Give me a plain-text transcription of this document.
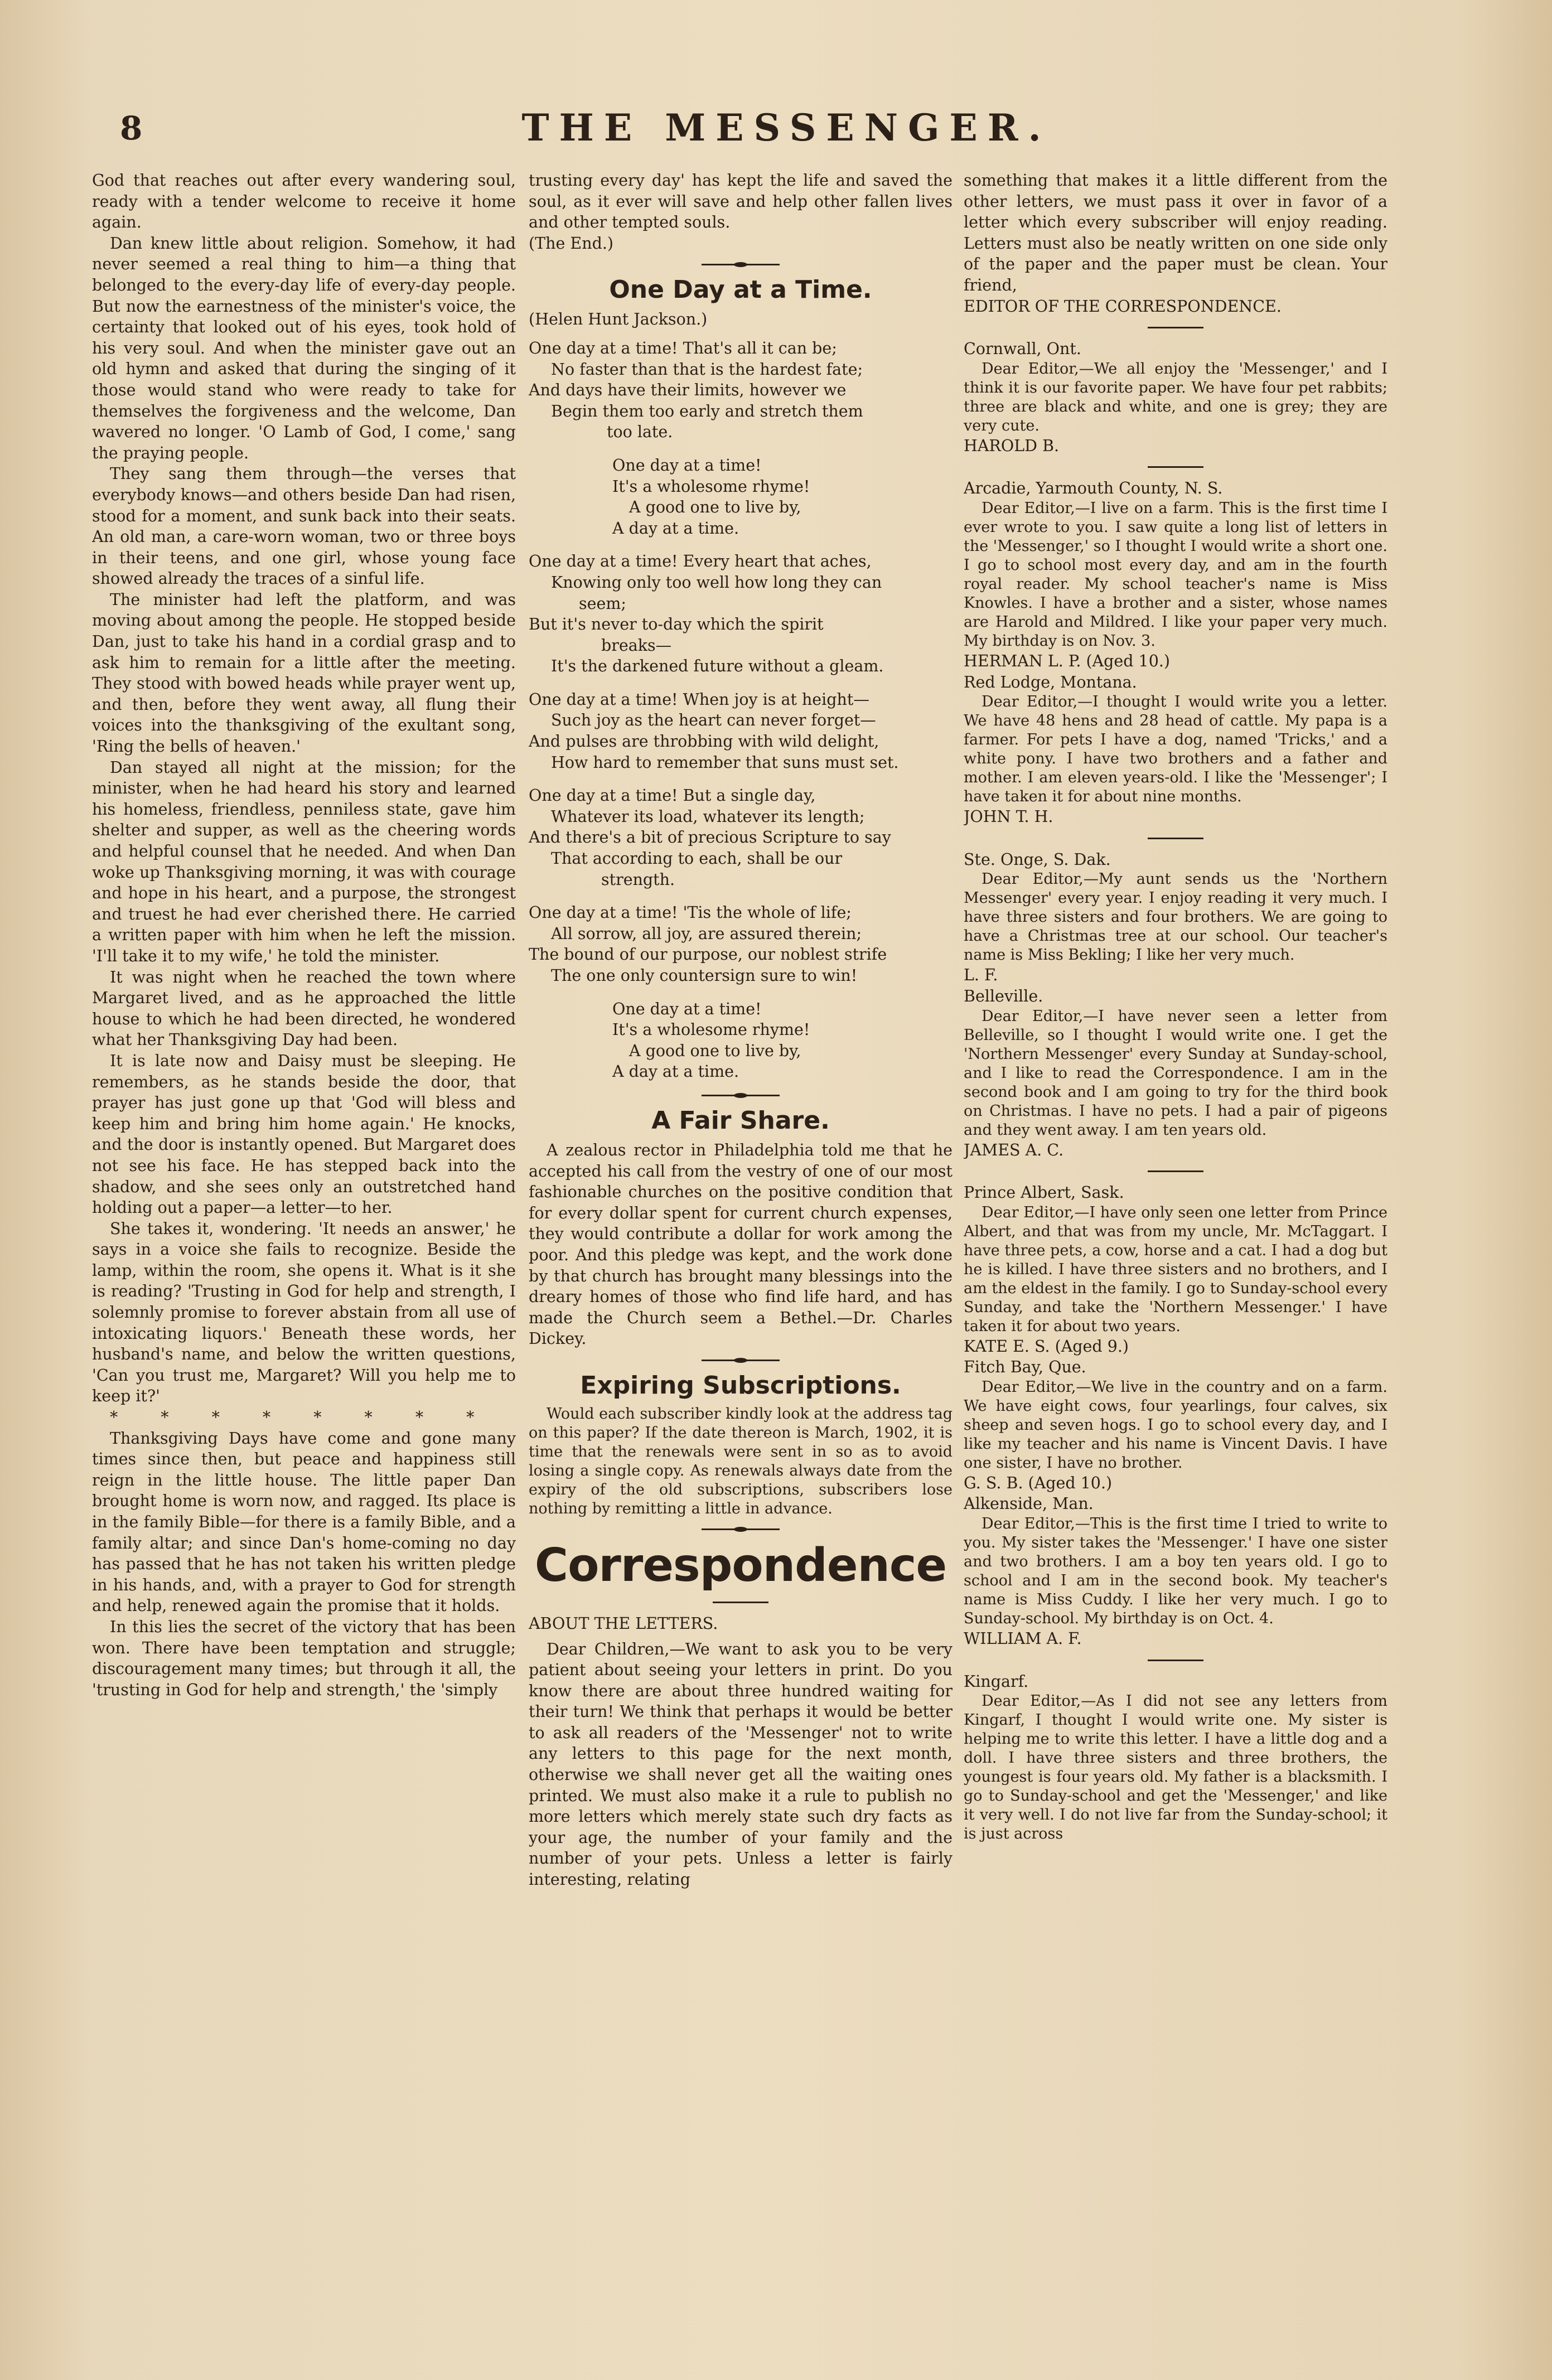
8	THE MESSENGER.

God that reaches out after every wandering soul, ready with a tender welcome to receive it home again.

Dan knew little about religion. Somehow, it had never seemed a real thing to him—a thing that belonged to the every-day life of every-day people. But now the earnestness of the minister's voice, the certainty that looked out of his eyes, took hold of his very soul. And when the minister gave out an old hymn and asked that during the singing of it those would stand who were ready to take for themselves the forgiveness and the welcome, Dan wavered no longer. 'O Lamb of God, I come,' sang the praying people.

They sang them through—the verses that everybody knows—and others beside Dan had risen, stood for a moment, and sunk back into their seats. An old man, a care-worn woman, two or three boys in their teens, and one girl, whose young face showed already the traces of a sinful life.

The minister had left the platform, and was moving about among the people. He stopped beside Dan, just to take his hand in a cordial grasp and to ask him to remain for a little after the meeting. They stood with bowed heads while prayer went up, and then, before they went away, all flung their voices into the thanksgiving of the exultant song, 'Ring the bells of heaven.'

Dan stayed all night at the mission; for the minister, when he had heard his story and learned his homeless, friendless, penniless state, gave him shelter and supper, as well as the cheering words and helpful counsel that he needed. And when Dan woke up Thanksgiving morning, it was with courage and hope in his heart, and a purpose, the strongest and truest he had ever cherished there. He carried a written paper with him when he left the mission. 'I'll take it to my wife,' he told the minister.

It was night when he reached the town where Margaret lived, and as he approached the little house to which he had been directed, he wondered what her Thanksgiving Day had been.

It is late now and Daisy must be sleeping. He remembers, as he stands beside the door, that prayer has just gone up that 'God will bless and keep him and bring him home again.' He knocks, and the door is instantly opened. But Margaret does not see his face. He has stepped back into the shadow, and she sees only an outstretched hand holding out a paper—a letter—to her.

She takes it, wondering. 'It needs an answer,' he says in a voice she fails to recognize. Beside the lamp, within the room, she opens it. What is it she is reading? 'Trusting in God for help and strength, I solemnly promise to forever abstain from all use of intoxicating liquors.' Beneath these words, her husband's name, and below the written questions, 'Can you trust me, Margaret? Will you help me to keep it?'

* * * * * * * *

Thanksgiving Days have come and gone many times since then, but peace and happiness still reign in the little house. The little paper Dan brought home is worn now, and ragged. Its place is in the family Bible—for there is a family Bible, and a family altar; and since Dan's home-coming no day has passed that he has not taken his written pledge in his hands, and, with a prayer to God for strength and help, renewed again the promise that it holds.

In this lies the secret of the victory that has been won. There have been temptation and struggle; discouragement many times; but through it all, the 'trusting in God for help and strength,' the 'simply

trusting every day' has kept the life and saved the soul, as it ever will save and help other fallen lives and other tempted souls.

(The End.)

One Day at a Time.

(Helen Hunt Jackson.)

One day at a time! That's all it can be;
No faster than that is the hardest fate;
And days have their limits, however we
Begin them too early and stretch them
too late.
One day at a time!
It's a wholesome rhyme!
A good one to live by,
A day at a time.
One day at a time! Every heart that aches,
Knowing only too well how long they can
seem;
But it's never to-day which the spirit
breaks—
It's the darkened future without a gleam.
One day at a time! When joy is at height—
Such joy as the heart can never forget—
And pulses are throbbing with wild delight,
How hard to remember that suns must set.
One day at a time! But a single day,
Whatever its load, whatever its length;
And there's a bit of precious Scripture to say
That according to each, shall be our
strength.
One day at a time! 'Tis the whole of life;
All sorrow, all joy, are assured therein;
The bound of our purpose, our noblest strife
The one only countersign sure to win!
One day at a time!
It's a wholesome rhyme!
A good one to live by,
A day at a time.
A Fair Share.

A zealous rector in Philadelphia told me that he accepted his call from the vestry of one of our most fashionable churches on the positive condition that for every dollar spent for current church expenses, they would contribute a dollar for work among the poor. And this pledge was kept, and the work done by that church has brought many blessings into the dreary homes of those who find life hard, and has made the Church seem a Bethel.—Dr. Charles Dickey.

Expiring Subscriptions.

Would each subscriber kindly look at the address tag on this paper? If the date thereon is March, 1902, it is time that the renewals were sent in so as to avoid losing a single copy. As renewals always date from the expiry of the old subscriptions, subscribers lose nothing by remitting a little in advance.

Correspondence

ABOUT THE LETTERS.

Dear Children,—We want to ask you to be very patient about seeing your letters in print. Do you know there are about three hundred waiting for their turn! We think that perhaps it would be better to ask all readers of the 'Messenger' not to write any letters to this page for the next month, otherwise we shall never get all the waiting ones printed. We must also make it a rule to publish no more letters which merely state such dry facts as your age, the number of your family and the number of your pets. Unless a letter is fairly interesting, relating

something that makes it a little different from the other letters, we must pass it over in favor of a letter which every subscriber will enjoy reading. Letters must also be neatly written on one side only of the paper and the paper must be clean. Your friend,

EDITOR OF THE CORRESPONDENCE.

Cornwall, Ont.

Dear Editor,—We all enjoy the 'Messenger,' and I think it is our favorite paper. We have four pet rabbits; three are black and white, and one is grey; they are very cute.

HAROLD B.

Arcadie, Yarmouth County, N. S.

Dear Editor,—I live on a farm. This is the first time I ever wrote to you. I saw quite a long list of letters in the 'Messenger,' so I thought I would write a short one. I go to school most every day, and am in the fourth royal reader. My school teacher's name is Miss Knowles. I have a brother and a sister, whose names are Harold and Mildred. I like your paper very much. My birthday is on Nov. 3.

HERMAN L. P. (Aged 10.)

Red Lodge, Montana.

Dear Editor,—I thought I would write you a letter. We have 48 hens and 28 head of cattle. My papa is a farmer. For pets I have a dog, named 'Tricks,' and a white pony. I have two brothers and a father and mother. I am eleven years-old. I like the 'Messenger'; I have taken it for about nine months.

JOHN T. H.

Ste. Onge, S. Dak.

Dear Editor,—My aunt sends us the 'Northern Messenger' every year. I enjoy reading it very much. I have three sisters and four brothers. We are going to have a Christmas tree at our school. Our teacher's name is Miss Bekling; I like her very much.

L. F.

Belleville.

Dear Editor,—I have never seen a letter from Belleville, so I thought I would write one. I get the 'Northern Messenger' every Sunday at Sunday-school, and I like to read the Correspondence. I am in the second book and I am going to try for the third book on Christmas. I have no pets. I had a pair of pigeons and they went away. I am ten years old.

JAMES A. C.

Prince Albert, Sask.

Dear Editor,—I have only seen one letter from Prince Albert, and that was from my uncle, Mr. McTaggart. I have three pets, a cow, horse and a cat. I had a dog but he is killed. I have three sisters and no brothers, and I am the eldest in the family. I go to Sunday-school every Sunday, and take the 'Northern Messenger.' I have taken it for about two years.

KATE E. S. (Aged 9.)

Fitch Bay, Que.

Dear Editor,—We live in the country and on a farm. We have eight cows, four yearlings, four calves, six sheep and seven hogs. I go to school every day, and I like my teacher and his name is Vincent Davis. I have one sister, I have no brother.

G. S. B. (Aged 10.)

Alkenside, Man.

Dear Editor,—This is the first time I tried to write to you. My sister takes the 'Messenger.' I have one sister and two brothers. I am a boy ten years old. I go to school and I am in the second book. My teacher's name is Miss Cuddy. I like her very much. I go to Sunday-school. My birthday is on Oct. 4.

WILLIAM A. F.

Kingarf.

Dear Editor,—As I did not see any letters from Kingarf, I thought I would write one. My sister is helping me to write this letter. I have a little dog and a doll. I have three sisters and three brothers, the youngest is four years old. My father is a blacksmith. I go to Sunday-school and get the 'Messenger,' and like it very well. I do not live far from the Sunday-school; it is just across
